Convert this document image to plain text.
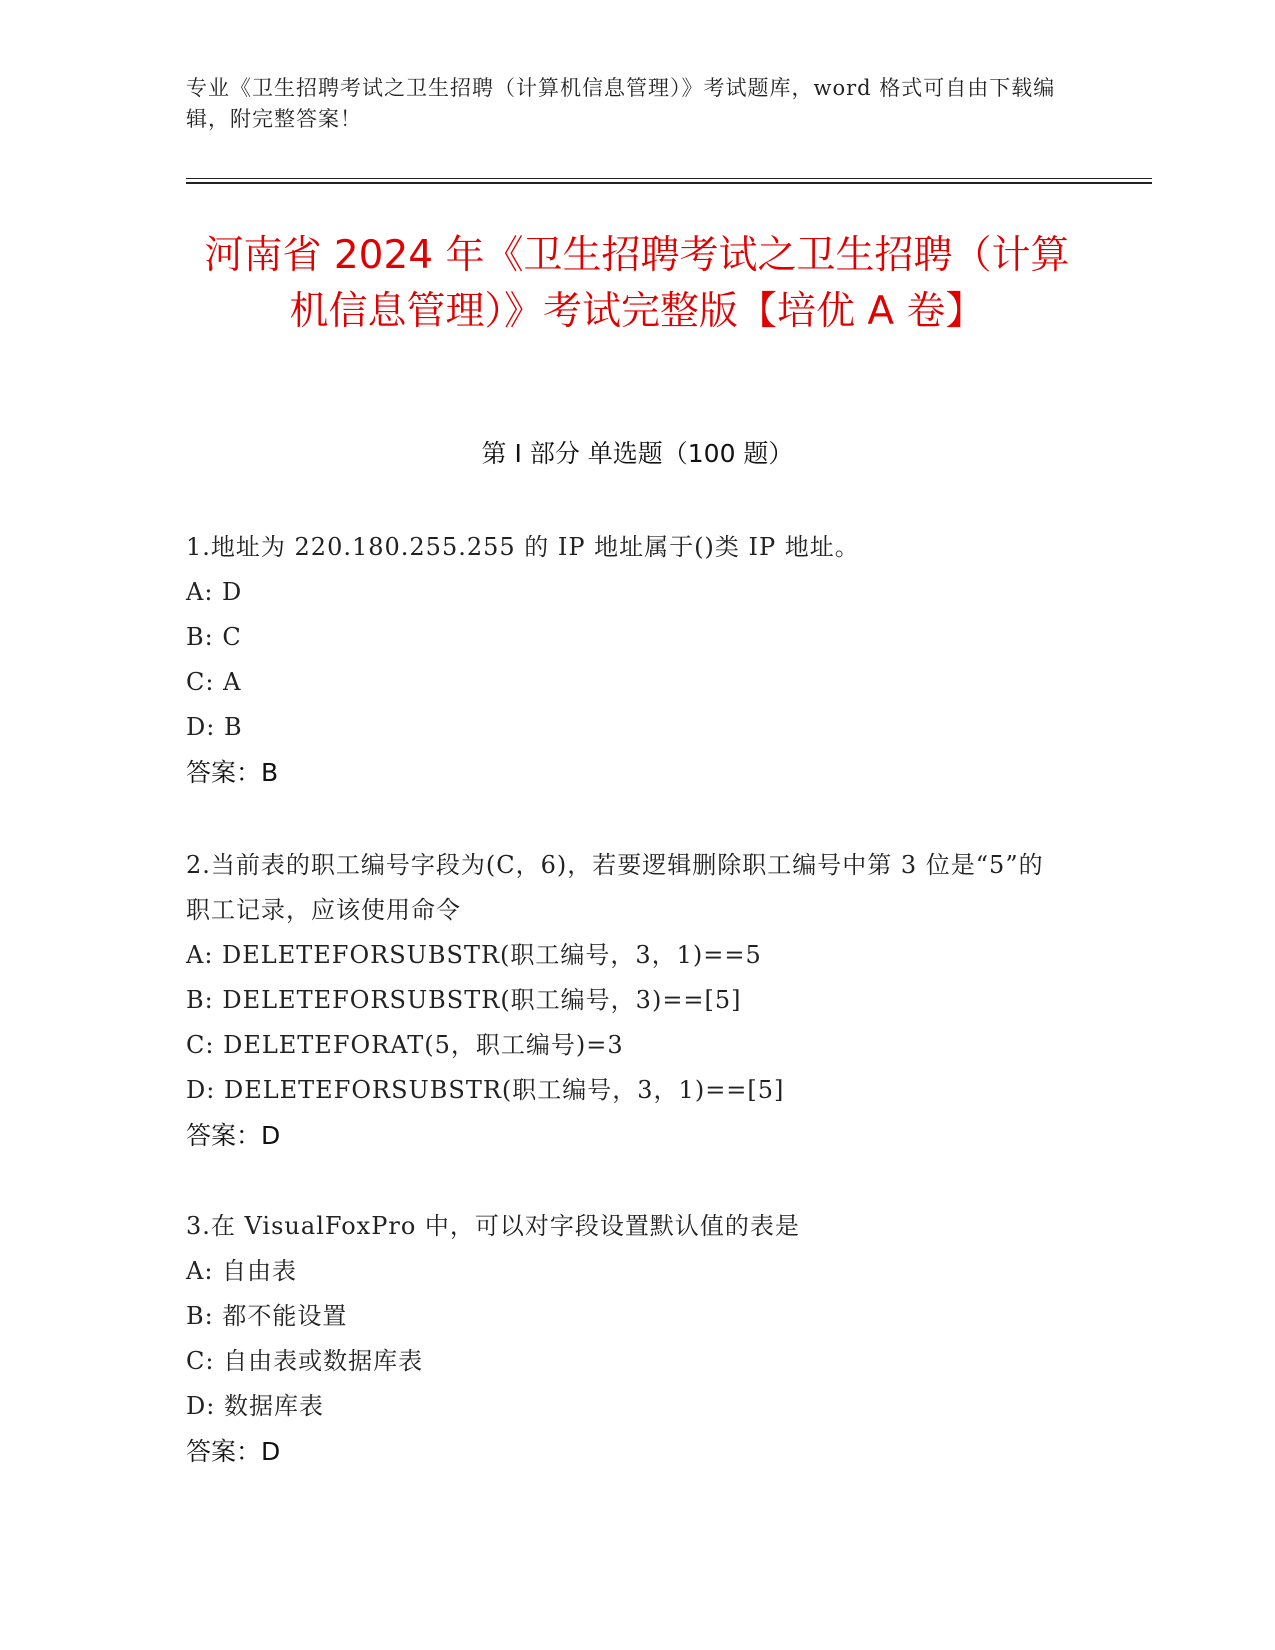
专业《卫生招聘考试之卫生招聘（计算机信息管理）》考试题库，word 格式可自由下载编辑，附完整答案！
河南省 2024 年《卫生招聘考试之卫生招聘（计算机信息管理）》考试完整版【培优 A 卷】
第 I 部分 单选题（100 题）

1.地址为 220.180.255.255 的 IP 地址属于()类 IP 地址。

A: D

B: C

C: A

D: B

答案：B

2.当前表的职工编号字段为(C，6)，若要逻辑删除职工编号中第 3 位是“5”的职工记录，应该使用命令

A: DELETEFORSUBSTR(职工编号，3，1)==5

B: DELETEFORSUBSTR(职工编号，3)==[5]

C: DELETEFORAT(5，职工编号)=3

D: DELETEFORSUBSTR(职工编号，3，1)==[5]

答案：D

3.在 VisualFoxPro 中，可以对字段设置默认值的表是

A: 自由表

B: 都不能设置

C: 自由表或数据库表

D: 数据库表

答案：D
